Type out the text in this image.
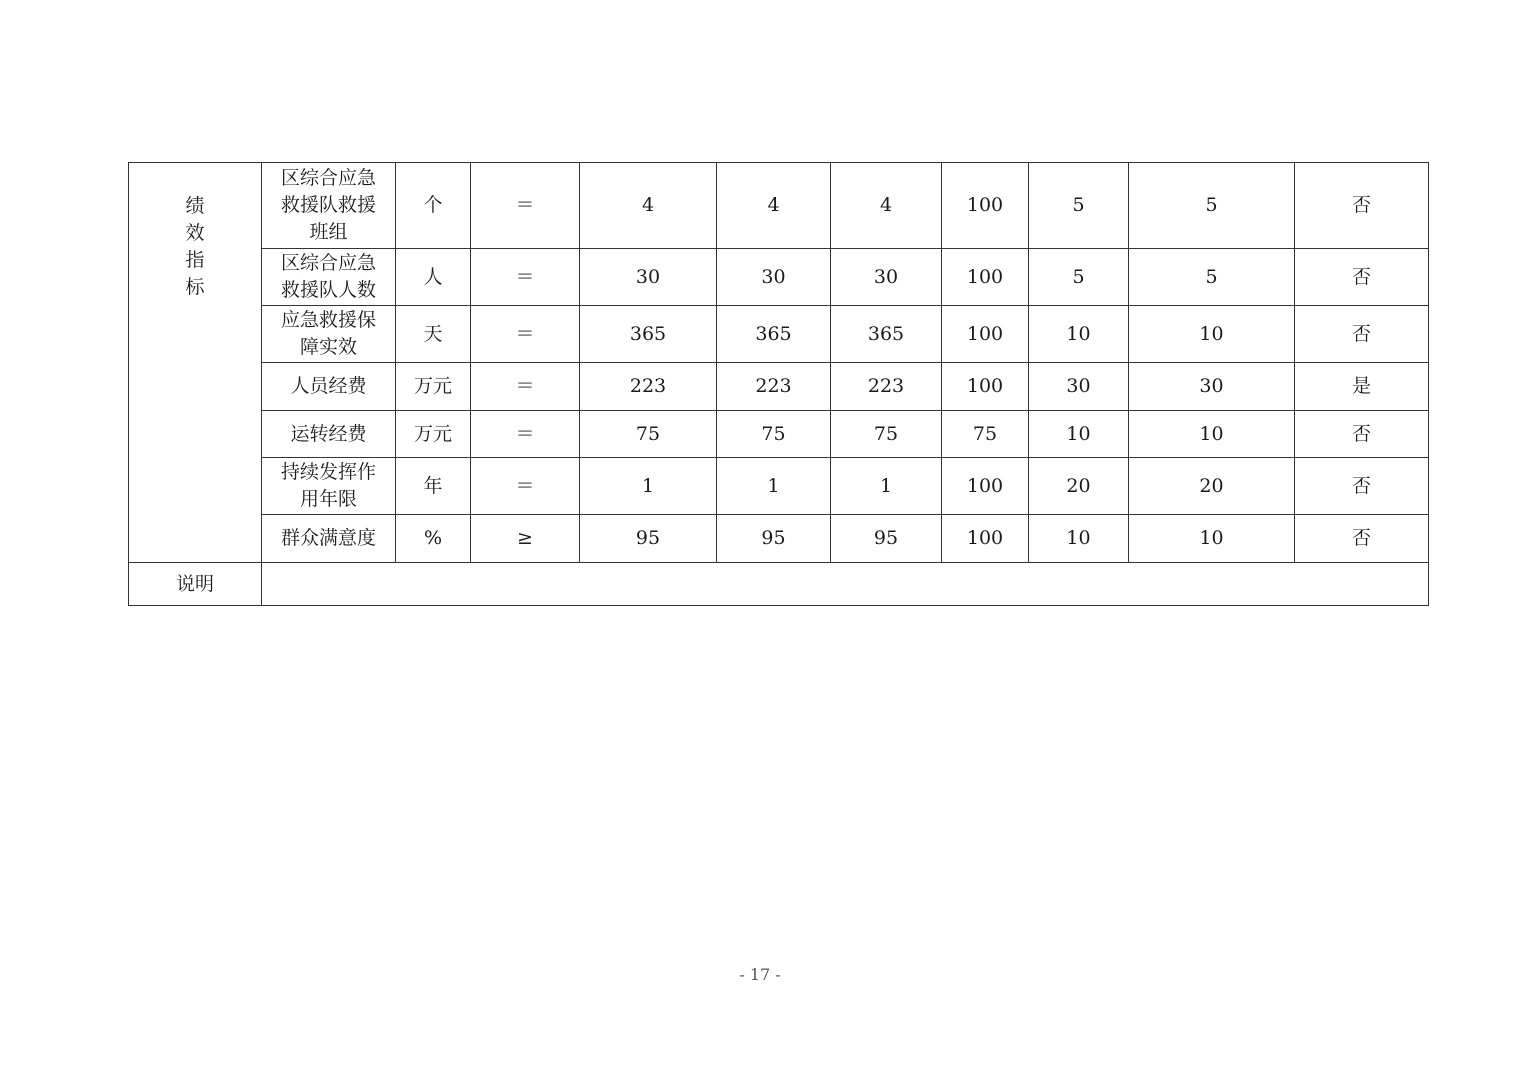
绩
效
指
标	区综合应急救援队救援班组	个	＝	4	4	4	100	5	5	否
	区综合应急救援队人数	人	＝	30	30	30	100	5	5	否
	应急救援保障实效	天	＝	365	365	365	100	10	10	否
	人员经费	万元	＝	223	223	223	100	30	30	是
	运转经费	万元	＝	75	75	75	75	10	10	否
	持续发挥作用年限	年	＝	1	1	1	100	20	20	否
	群众满意度	%	≥	95	95	95	100	10	10	否
说明										
- 17 -
